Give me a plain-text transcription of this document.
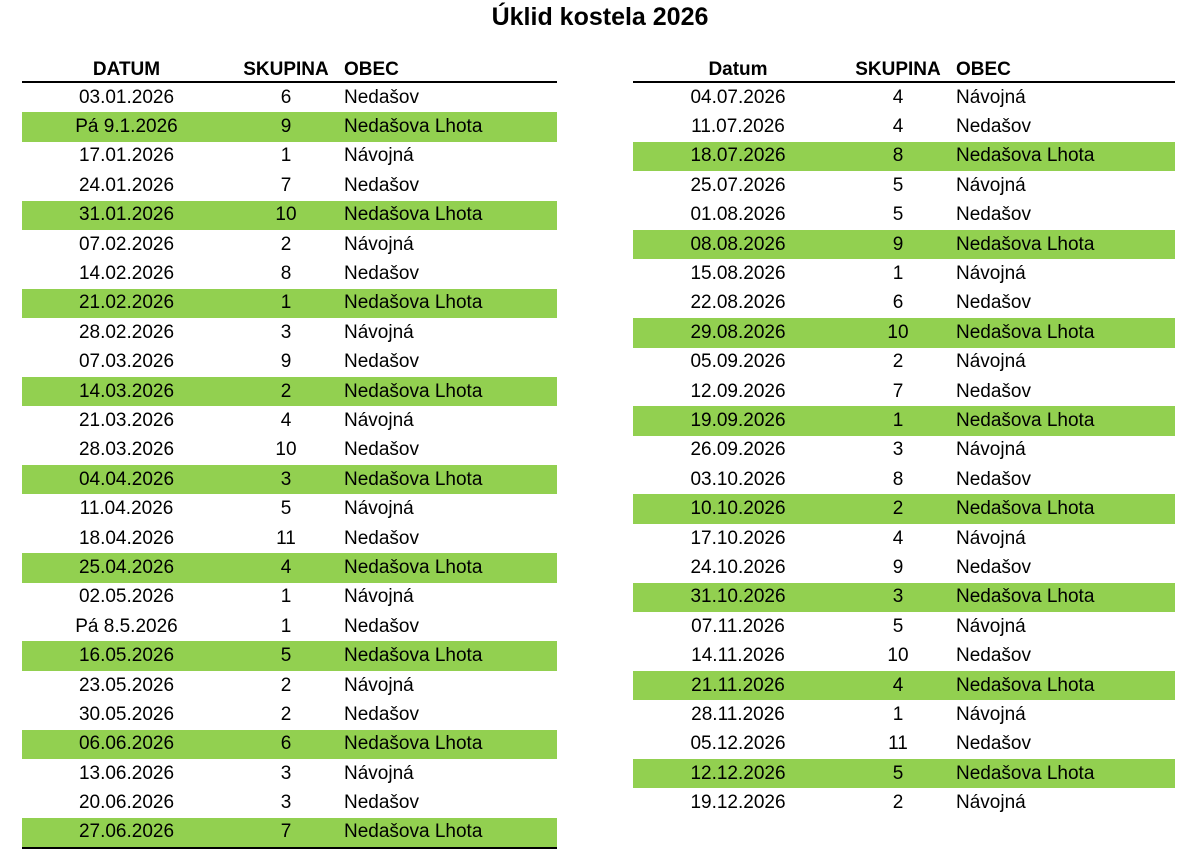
Úklid kostela 2026
DATUM	SKUPINA	OBEC
03.01.2026	6	Nedašov
Pá 9.1.2026	9	Nedašova Lhota
17.01.2026	1	Návojná
24.01.2026	7	Nedašov
31.01.2026	10	Nedašova Lhota
07.02.2026	2	Návojná
14.02.2026	8	Nedašov
21.02.2026	1	Nedašova Lhota
28.02.2026	3	Návojná
07.03.2026	9	Nedašov
14.03.2026	2	Nedašova Lhota
21.03.2026	4	Návojná
28.03.2026	10	Nedašov
04.04.2026	3	Nedašova Lhota
11.04.2026	5	Návojná
18.04.2026	11	Nedašov
25.04.2026	4	Nedašova Lhota
02.05.2026	1	Návojná
Pá 8.5.2026	1	Nedašov
16.05.2026	5	Nedašova Lhota
23.05.2026	2	Návojná
30.05.2026	2	Nedašov
06.06.2026	6	Nedašova Lhota
13.06.2026	3	Návojná
20.06.2026	3	Nedašov
27.06.2026	7	Nedašova Lhota
Datum	SKUPINA	OBEC
04.07.2026	4	Návojná
11.07.2026	4	Nedašov
18.07.2026	8	Nedašova Lhota
25.07.2026	5	Návojná
01.08.2026	5	Nedašov
08.08.2026	9	Nedašova Lhota
15.08.2026	1	Návojná
22.08.2026	6	Nedašov
29.08.2026	10	Nedašova Lhota
05.09.2026	2	Návojná
12.09.2026	7	Nedašov
19.09.2026	1	Nedašova Lhota
26.09.2026	3	Návojná
03.10.2026	8	Nedašov
10.10.2026	2	Nedašova Lhota
17.10.2026	4	Návojná
24.10.2026	9	Nedašov
31.10.2026	3	Nedašova Lhota
07.11.2026	5	Návojná
14.11.2026	10	Nedašov
21.11.2026	4	Nedašova Lhota
28.11.2026	1	Návojná
05.12.2026	11	Nedašov
12.12.2026	5	Nedašova Lhota
19.12.2026	2	Návojná
